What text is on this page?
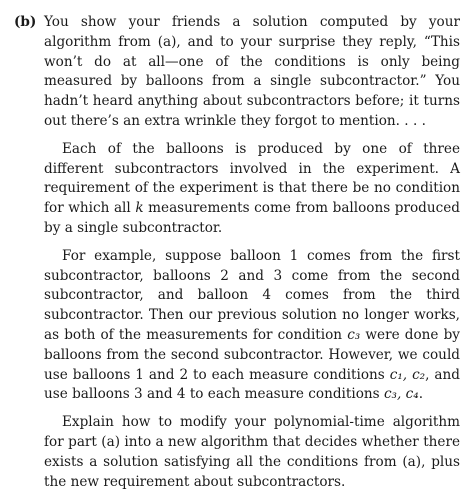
(b) You show your friends a solution computed by your algorithm from (a), and to your surprise they reply, “This won’t do at all—one of the conditions is only being measured by balloons from a single subcontractor.” You hadn’t heard anything about subcontractors before; it turns out there’s an extra wrinkle they forgot to mention. . . .

Each of the balloons is produced by one of three different subcontractors involved in the experiment. A requirement of the experiment is that there be no condition for which all k measurements come from balloons produced by a single subcontractor.

For example, suppose balloon 1 comes from the first subcontractor, balloons 2 and 3 come from the second subcontractor, and balloon 4 comes from the third subcontractor. Then our previous solution no longer works, as both of the measurements for condition c₃ were done by balloons from the second subcontractor. However, we could use balloons 1 and 2 to each measure conditions c₁, c₂, and use balloons 3 and 4 to each measure conditions c₃, c₄.

Explain how to modify your polynomial-time algorithm for part (a) into a new algorithm that decides whether there exists a solution satisfying all the conditions from (a), plus the new requirement about subcontractors.
